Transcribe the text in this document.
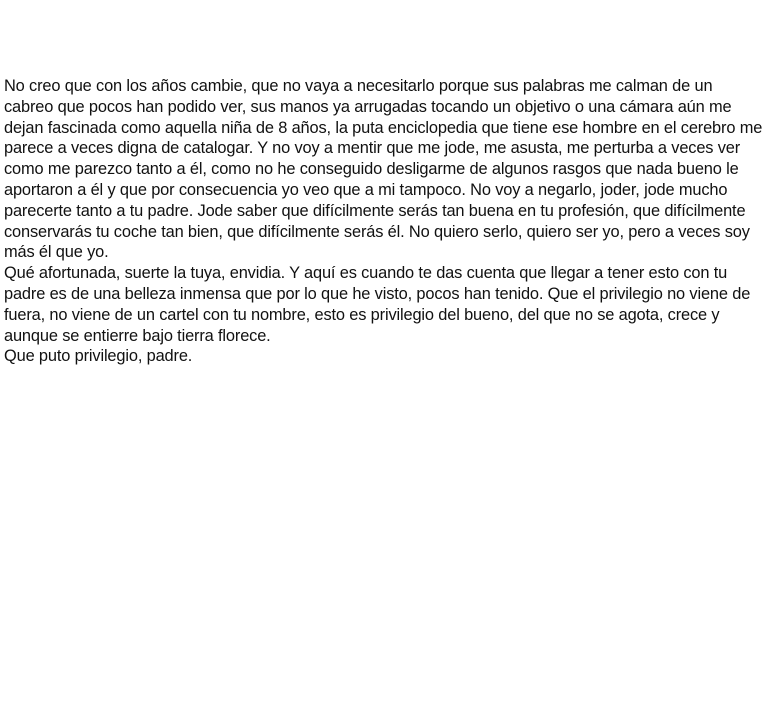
No creo que con los años cambie, que no vaya a necesitarlo porque sus palabras me calman de un cabreo que pocos han podido ver, sus manos ya arrugadas tocando un objetivo o una cámara aún me dejan fascinada como aquella niña de 8 años, la puta enciclopedia que tiene ese hombre en el cerebro me parece a veces digna de catalogar. Y no voy a mentir que me jode, me asusta, me perturba a veces ver como me parezco tanto a él, como no he conseguido desligarme de algunos rasgos que nada bueno le aportaron a él y que por consecuencia yo veo que a mi tampoco. No voy a negarlo, joder, jode mucho parecerte tanto a tu padre. Jode saber que difícilmente serás tan buena en tu profesión, que difícilmente conservarás tu coche tan bien, que difícilmente serás él. No quiero serlo, quiero ser yo, pero a veces soy más él que yo.

Qué afortunada, suerte la tuya, envidia. Y aquí es cuando te das cuenta que llegar a tener esto con tu padre es de una belleza inmensa que por lo que he visto, pocos han tenido. Que el privilegio no viene de fuera, no viene de un cartel con tu nombre, esto es privilegio del bueno, del que no se agota, crece y aunque se entierre bajo tierra florece.

Que puto privilegio, padre.
